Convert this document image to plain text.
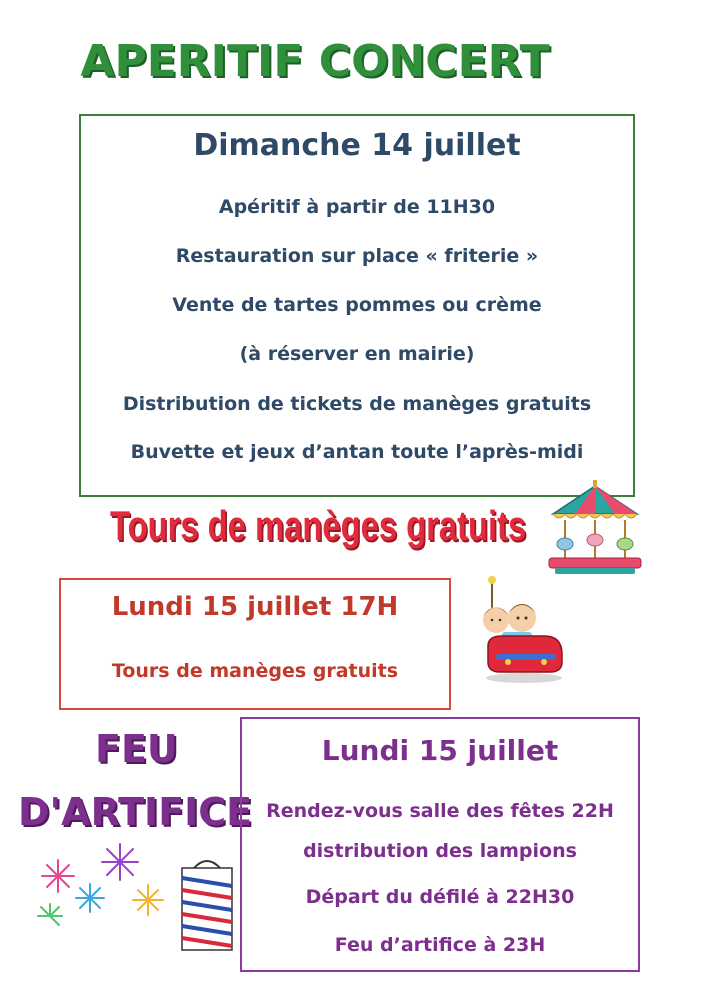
APERITIF CONCERT
Dimanche 14 juillet
Apéritif à partir de 11H30
Restauration sur place « friterie »
Vente de tartes pommes ou crème
(à réserver en mairie)
Distribution de tickets de manèges gratuits
Buvette et jeux d’antan toute l’après-midi
Tours de manèges gratuits
Lundi 15 juillet 17H
Tours de manèges gratuits
FEU
D'ARTIFICE
Lundi 15 juillet
Rendez-vous salle des fêtes 22H
distribution des lampions
Départ du défilé à 22H30
Feu d’artifice à 23H
